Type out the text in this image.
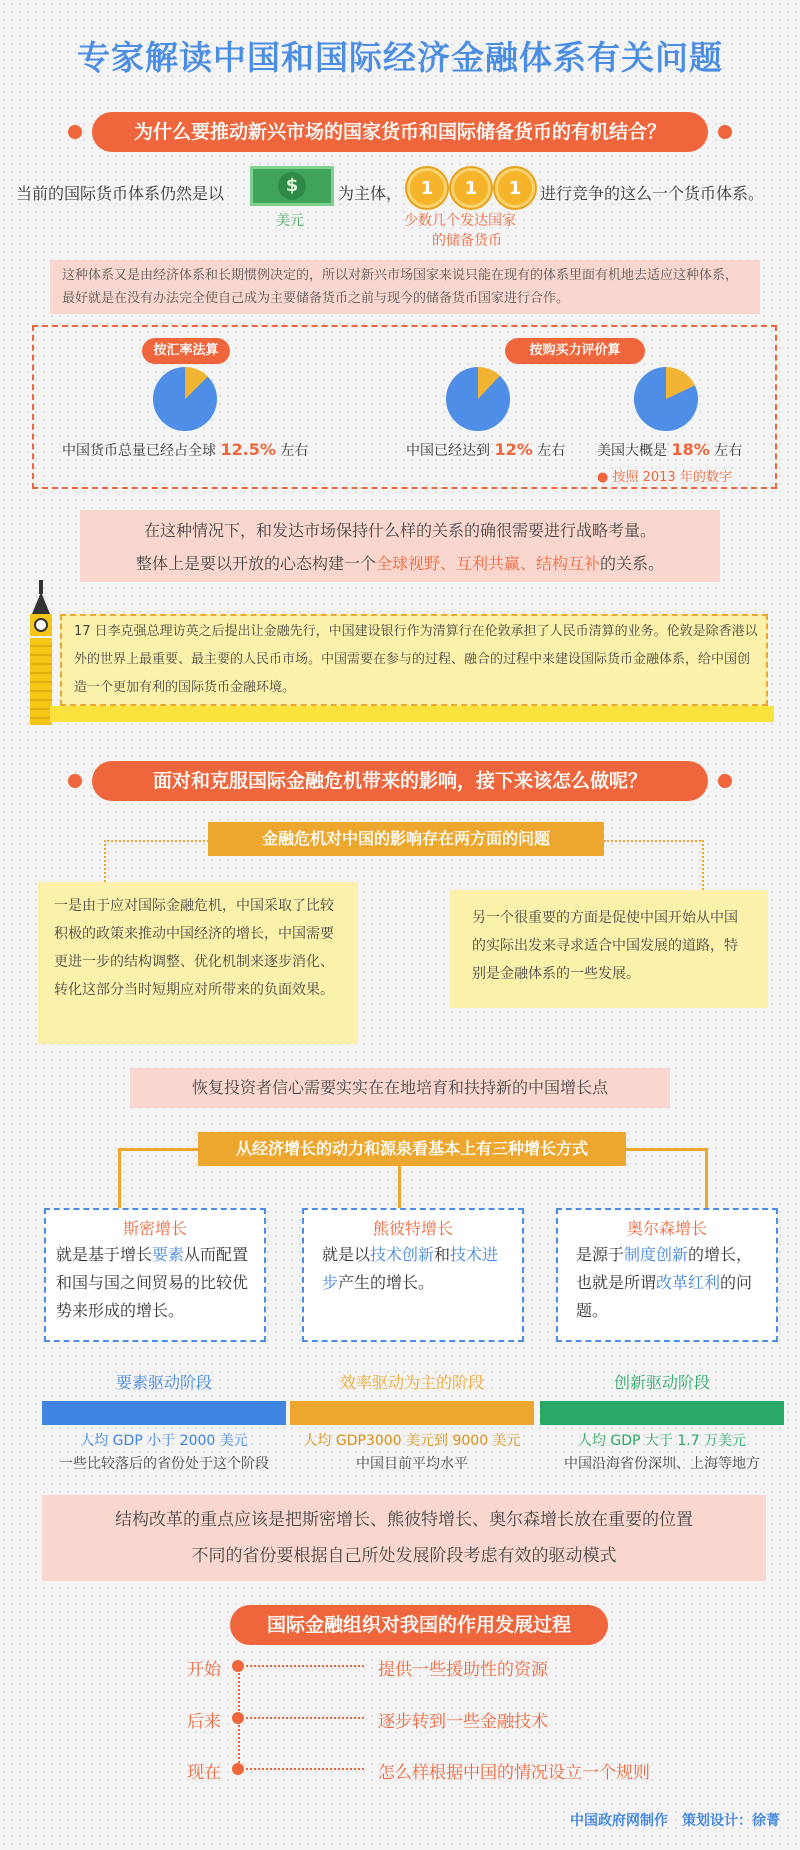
专家解读中国和国际经济金融体系有关问题
为什么要推动新兴市场的国家货币和国际储备货币的有机结合？
当前的国际货币体系仍然是以	$
美元
为主体，	1	1	1	进行竞争的这么一个货币体系。
少数几个发达国家
的储备货币
这种体系又是由经济体系和长期惯例决定的，所以对新兴市场国家来说只能在现有的体系里面有机地去适应这种体系，最好就是在没有办法完全使自己成为主要储备货币之前与现今的储备货币国家进行合作。
按汇率法算	按购买力评价算
中国货币总量已经占全球 12.5% 左右	中国已经达到 12% 左右 美国大概是 18% 左右
● 按照 2013 年的数字
在这种情况下，和发达市场保持什么样的关系的确很需要进行战略考量。
整体上是要以开放的心态构建一个全球视野、互利共赢、结构互补的关系。
17 日李克强总理访英之后提出让金融先行，中国建设银行作为清算行在伦敦承担了人民币清算的业务。伦敦是除香港以外的世界上最重要、最主要的人民币市场。中国需要在参与的过程、融合的过程中来建设国际货币金融体系，给中国创造一个更加有利的国际货币金融环境。
面对和克服国际金融危机带来的影响，接下来该怎么做呢？
金融危机对中国的影响存在两方面的问题
一是由于应对国际金融危机，中国采取了比较积极的政策来推动中国经济的增长，中国需要更进一步的结构调整、优化机制来逐步消化、转化这部分当时短期应对所带来的负面效果。
另一个很重要的方面是促使中国开始从中国的实际出发来寻求适合中国发展的道路，特别是金融体系的一些发展。
恢复投资者信心需要实实在在地培育和扶持新的中国增长点
从经济增长的动力和源泉看基本上有三种增长方式
斯密增长
就是基于增长要素从而配置和国与国之间贸易的比较优势来形成的增长。
熊彼特增长
就是以技术创新和技术进步产生的增长。
奥尔森增长
是源于制度创新的增长，也就是所谓改革红利的问题。
要素驱动阶段
人均 GDP 小于 2000 美元
一些比较落后的省份处于这个阶段
效率驱动为主的阶段
人均 GDP3000 美元到 9000 美元
中国目前平均水平
创新驱动阶段
人均 GDP 大于 1.7 万美元
中国沿海省份深圳、上海等地方
结构改革的重点应该是把斯密增长、熊彼特增长、奥尔森增长放在重要的位置
不同的省份要根据自己所处发展阶段考虑有效的驱动模式
国际金融组织对我国的作用发展过程
开始	提供一些援助性的资源
后来	逐步转到一些金融技术
现在	怎么样根据中国的情况设立一个规则
中国政府网制作　策划设计：徐菁
